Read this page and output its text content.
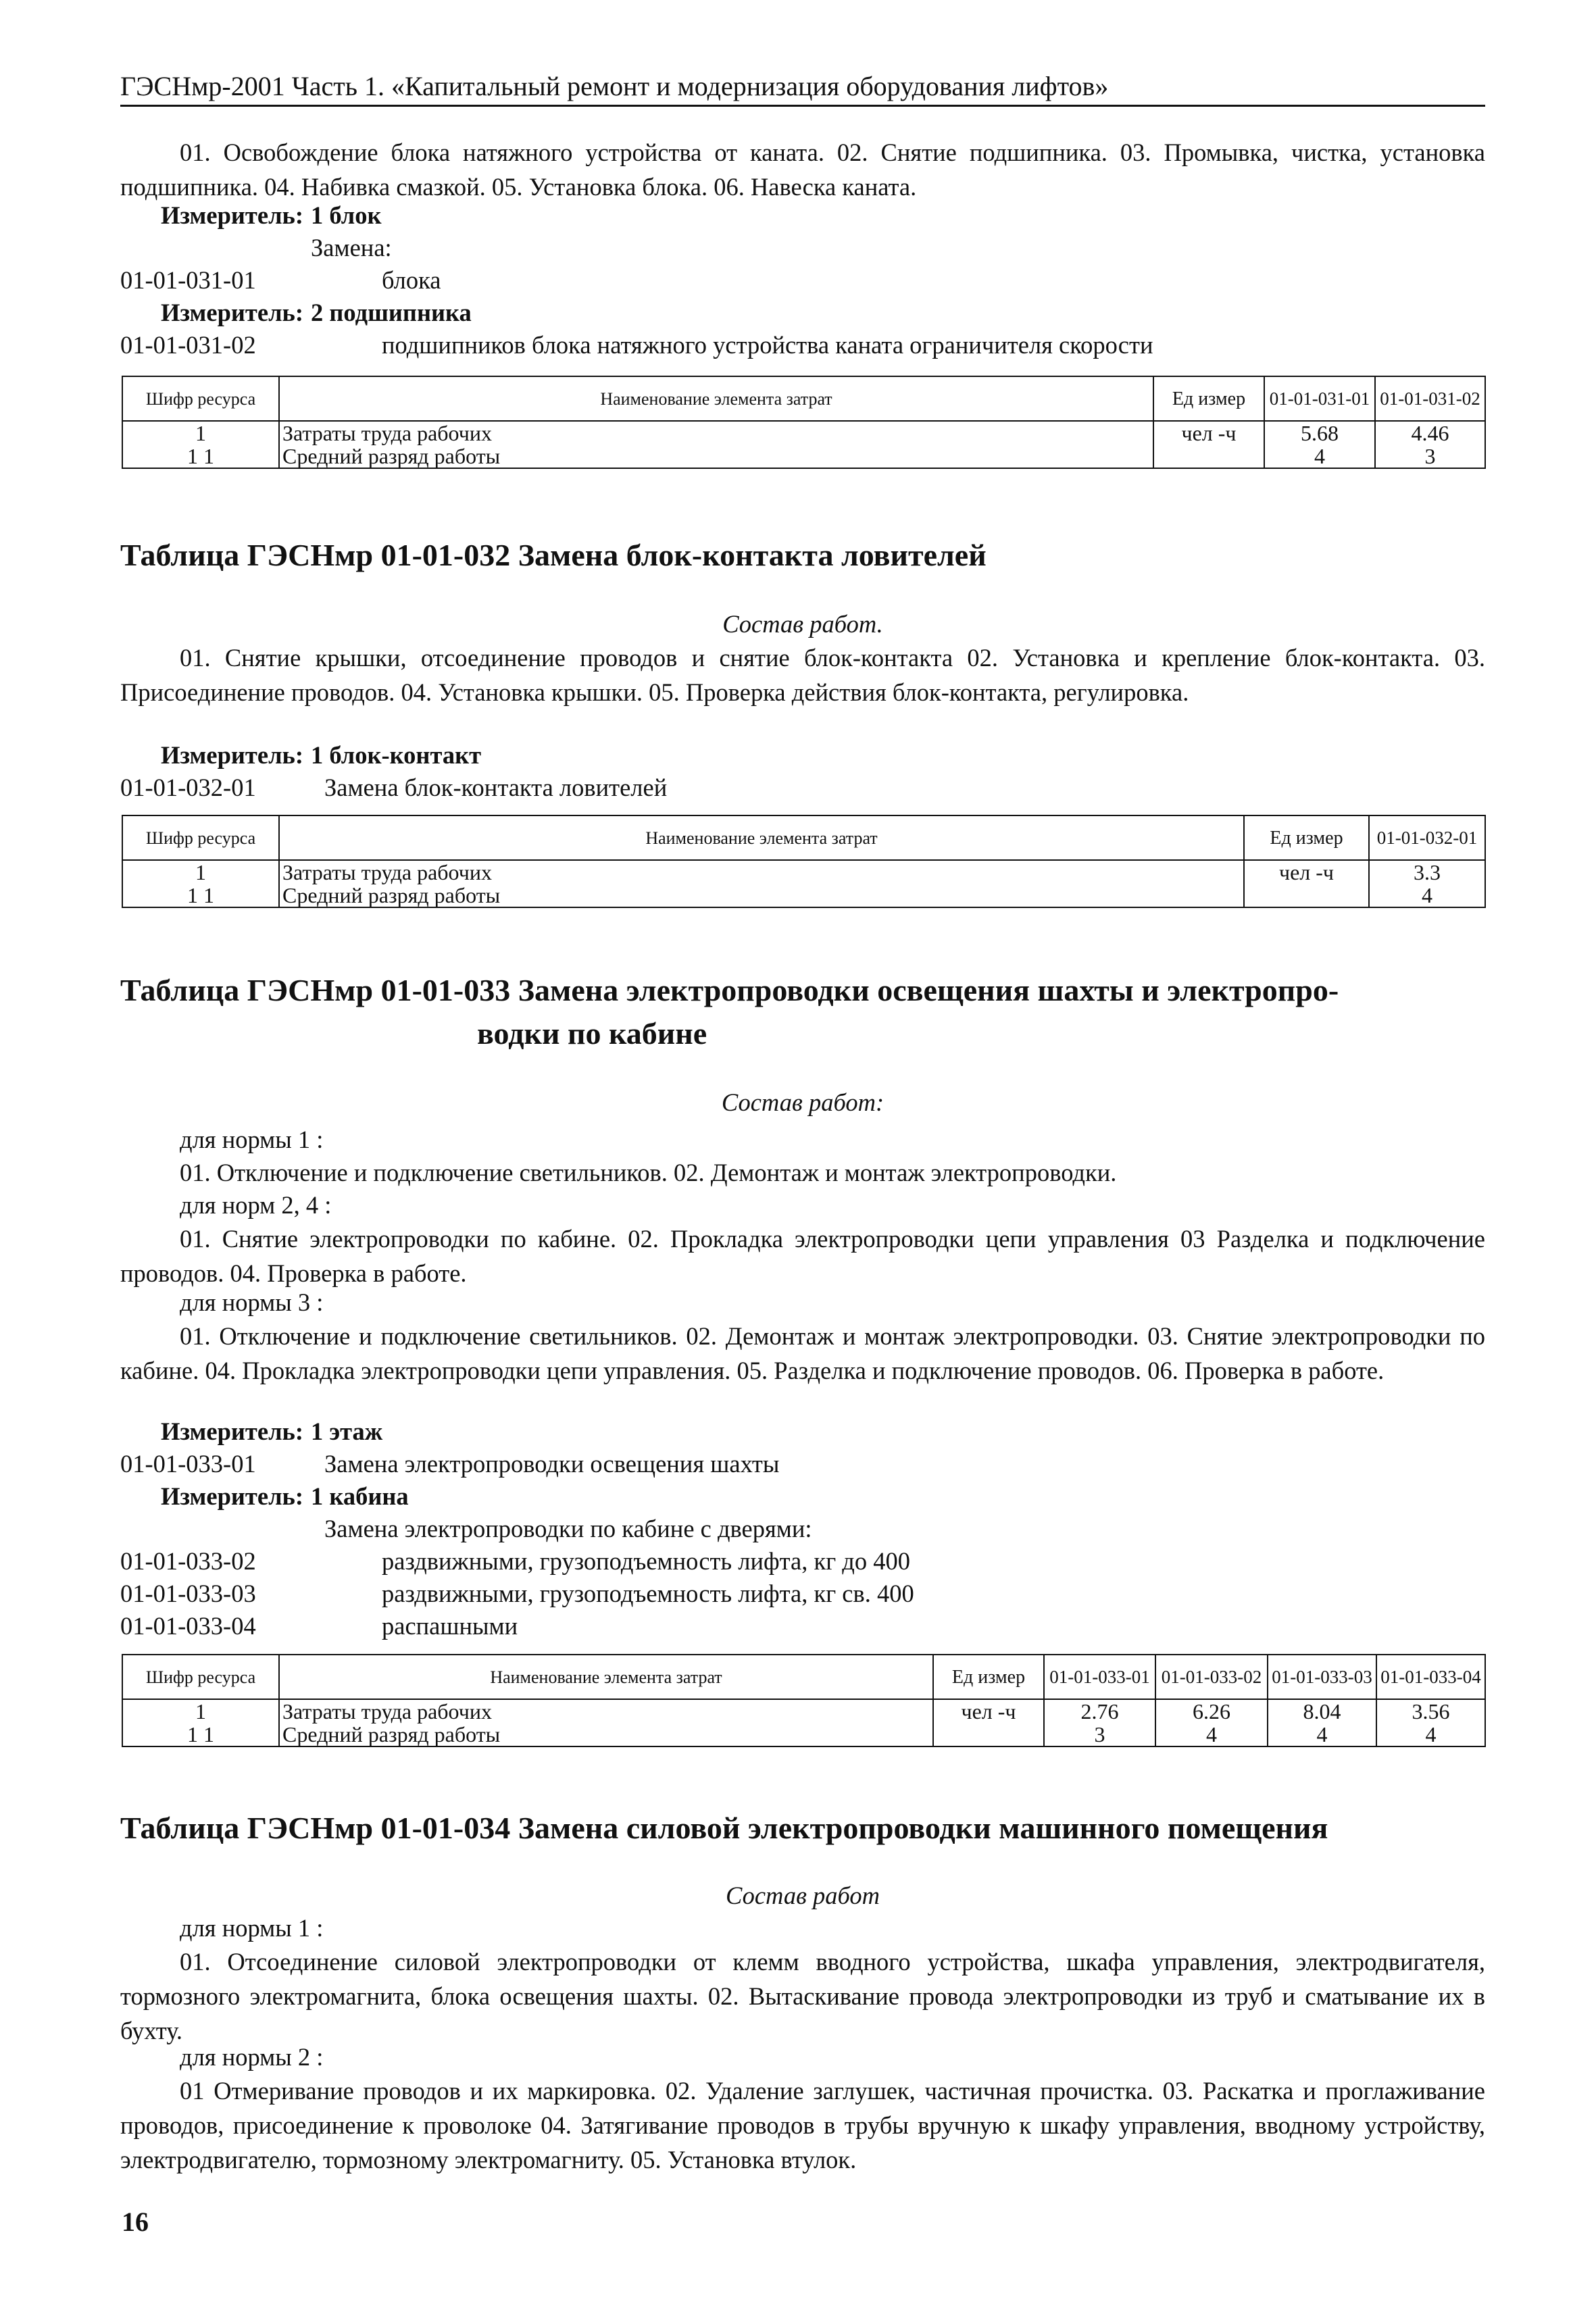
ГЭСНмр-2001 Часть 1. «Капитальный ремонт и модернизация оборудования лифтов»
01. Освобождение блока натяжного устройства от каната. 02. Снятие подшипника. 03. Промывка, чистка, установка подшипника. 04. Набивка смазкой. 05. Установка блока. 06. Навеска каната.
Измеритель: 1 блок
Замена:
01-01-031-01	блока
Измеритель: 2 подшипника
01-01-031-02	подшипников блока натяжного устройства каната ограничителя скорости
Шифр ресурса	Наименование элемента затрат	Ед измер	01-01-031-01	01-01-031-02
1	Затраты труда рабочих	чел -ч	5.68	4.46
1 1	Средний разряд работы		4	3
Таблица ГЭСНмр 01-01-032 Замена блок-контакта ловителей
Состав работ.
01. Снятие крышки, отсоединение проводов и снятие блок-контакта 02. Установка и крепление блок-контакта. 03. Присоединение проводов. 04. Установка крышки. 05. Проверка действия блок-контакта, регулировка.
Измеритель: 1 блок-контакт
01-01-032-01	Замена блок-контакта ловителей
Шифр ресурса	Наименование элемента затрат	Ед измер	01-01-032-01
1	Затраты труда рабочих	чел -ч	3.3
1 1	Средний разряд работы		4
Таблица ГЭСНмр 01-01-033 Замена электропроводки освещения шахты и электропро-
водки по кабине
Состав работ:
для нормы 1 :
01. Отключение и подключение светильников. 02. Демонтаж и монтаж электропроводки.
для норм 2, 4 :
01. Снятие электропроводки по кабине. 02. Прокладка электропроводки цепи управления 03 Разделка и подключение проводов. 04. Проверка в работе.
для нормы 3 :
01. Отключение и подключение светильников. 02. Демонтаж и монтаж электропроводки. 03. Снятие электропроводки по кабине. 04. Прокладка электропроводки цепи управления. 05. Разделка и подключение проводов. 06. Проверка в работе.
Измеритель: 1 этаж
01-01-033-01	Замена электропроводки освещения шахты
Измеритель: 1 кабина
Замена электропроводки по кабине с дверями:
01-01-033-02	раздвижными, грузоподъемность лифта, кг до 400
01-01-033-03	раздвижными, грузоподъемность лифта, кг св. 400
01-01-033-04	распашными
Шифр ресурса	Наименование элемента затрат	Ед измер	01-01-033-01	01-01-033-02	01-01-033-03	01-01-033-04
1	Затраты труда рабочих	чел -ч	2.76	6.26	8.04	3.56
1 1	Средний разряд работы		3	4	4	4
Таблица ГЭСНмр 01-01-034 Замена силовой электропроводки машинного помещения
Состав работ
для нормы 1 :
01. Отсоединение силовой электропроводки от клемм вводного устройства, шкафа управления, электродвигателя, тормозного электромагнита, блока освещения шахты. 02. Вытаскивание провода электропроводки из труб и сматывание их в бухту.
для нормы 2 :
01 Отмеривание проводов и их маркировка. 02. Удаление заглушек, частичная прочистка. 03. Раскатка и проглаживание проводов, присоединение к проволоке 04. Затягивание проводов в трубы вручную к шкафу управления, вводному устройству, электродвигателю, тормозному электромагниту. 05. Установка втулок.
16
